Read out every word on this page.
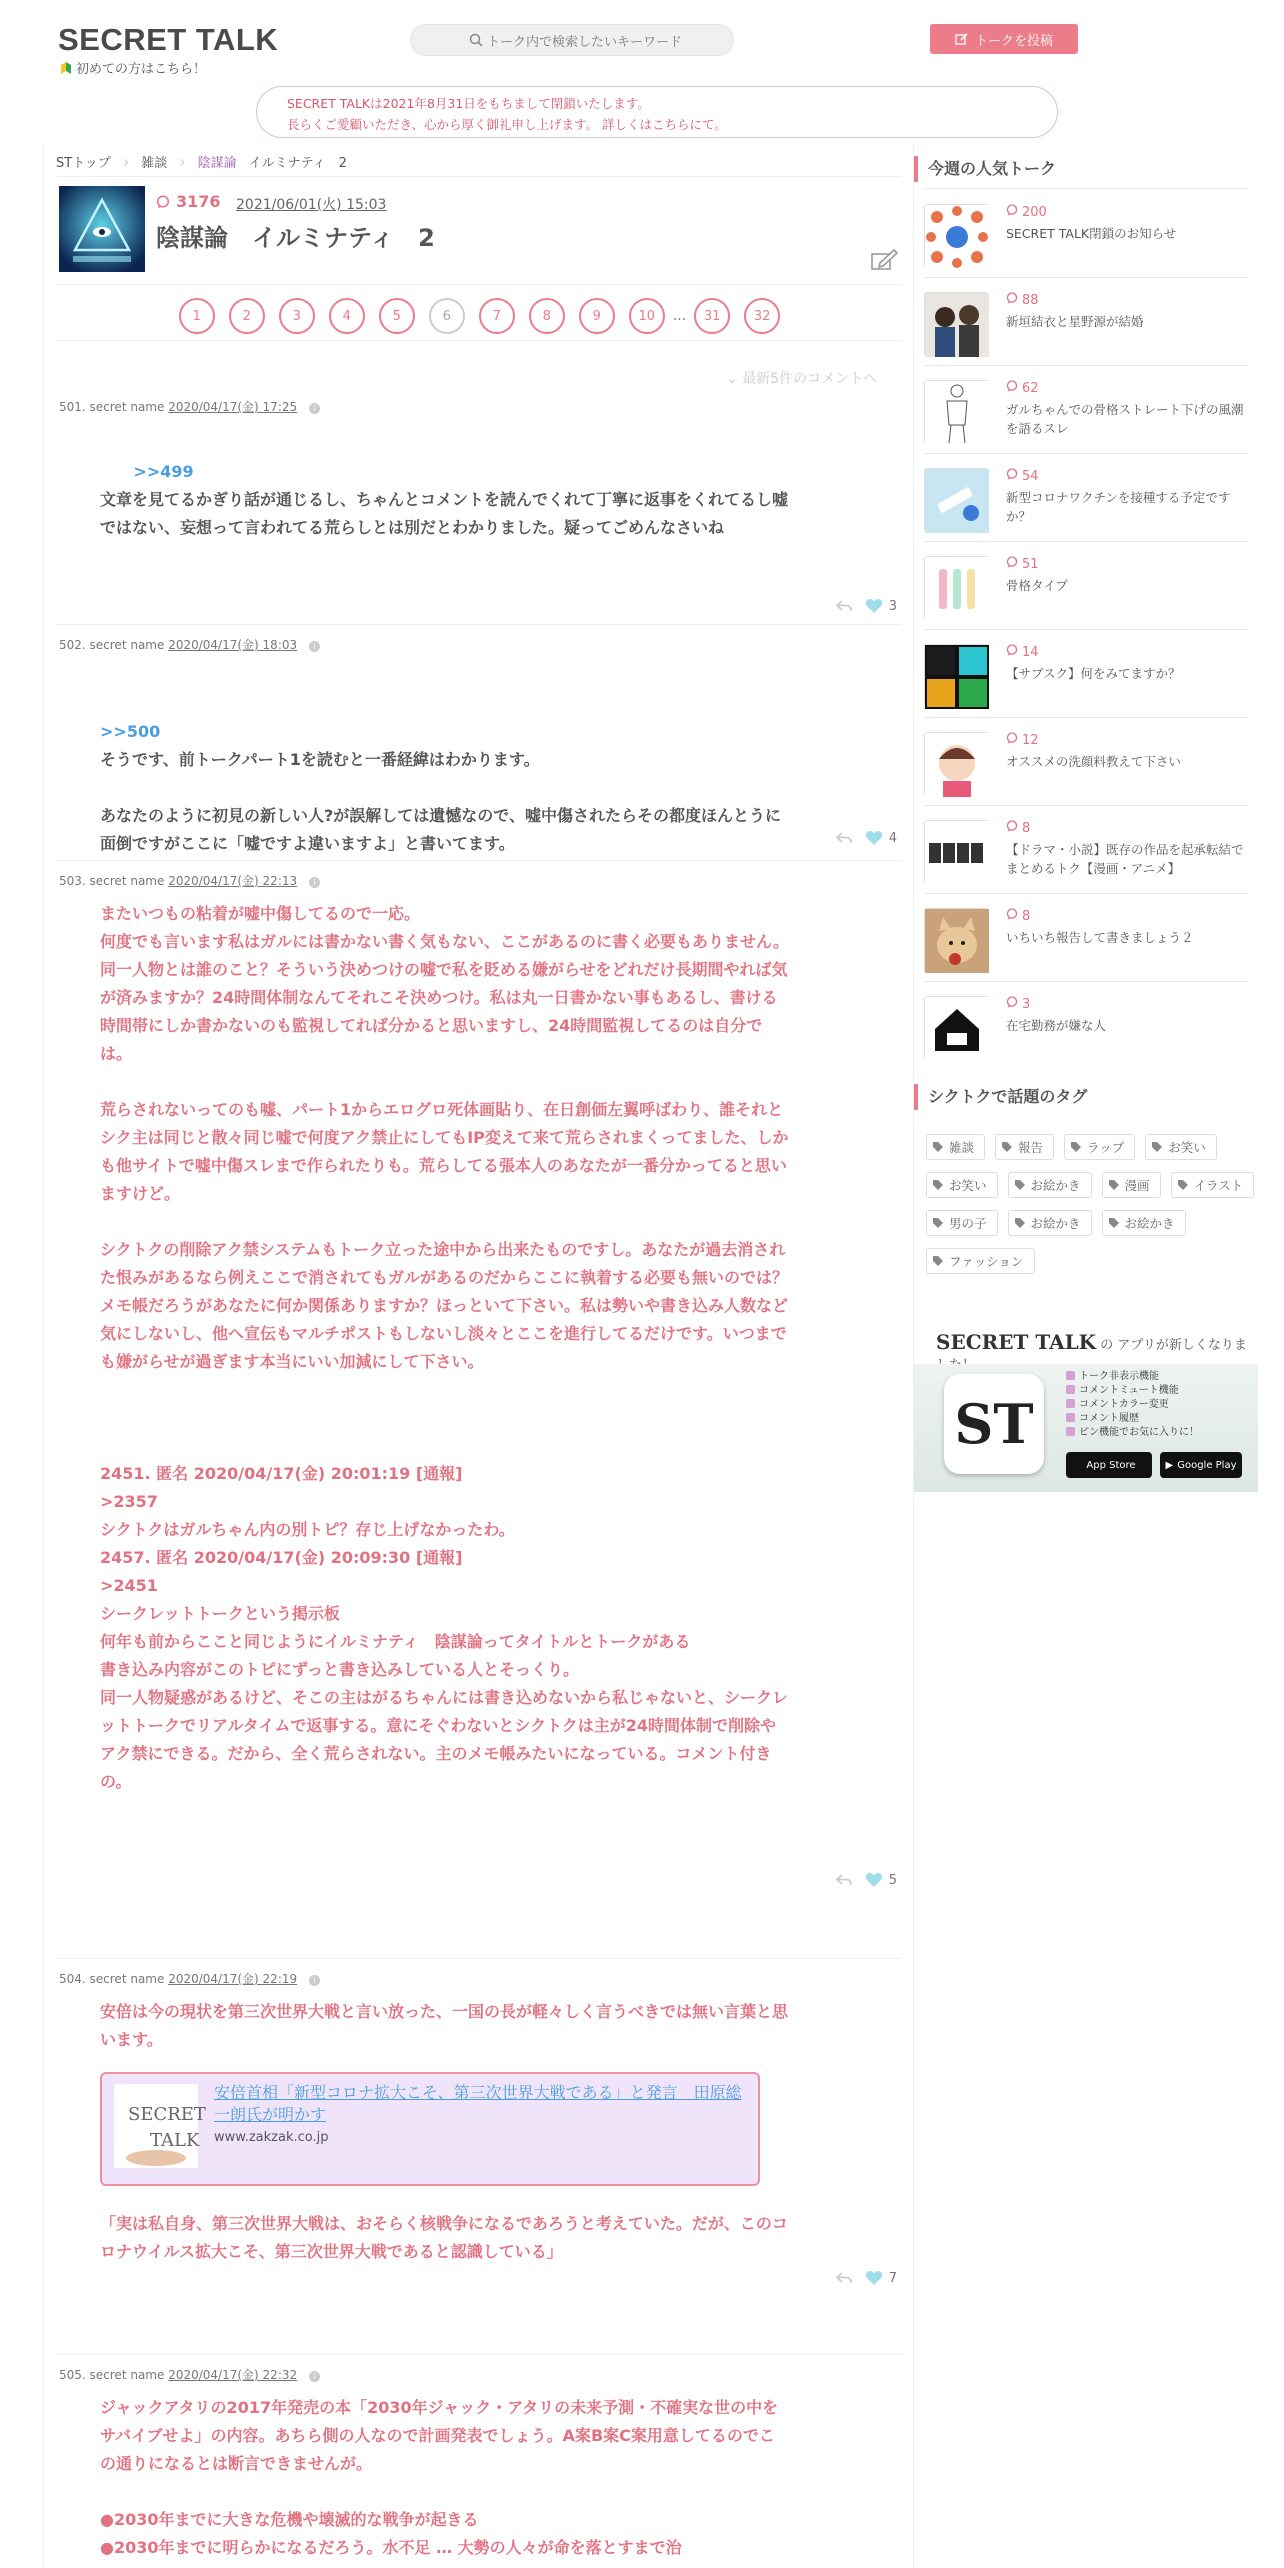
SECRET TALK
初めての方はこちら！
トーク内で検索したいキーワード	トークを投稿
SECRET TALKは2021年8月31日をもちまして閉鎖いたします。
長らくご愛顧いただき、心から厚く御礼申し上げます。 詳しくはこちらにて。
STトップ › 雑談 › 陰謀論 イルミナティ　2
3176 2021/06/01(火) 15:03
陰謀論　イルミナティ　2
1	2	3	4	5	6	7	8	9	10	...	31	32
⌄ 最新5件のコメントへ
501. secret name 2020/04/17(金) 17:25 i

>>499
文章を見てるかぎり話が通じるし、ちゃんとコメントを読んでくれて丁寧に返事をくれてるし嘘ではない、妄想って言われてる荒らしとは別だとわかりました。疑ってごめんなさいね

3
502. secret name 2020/04/17(金) 18:03 i

>>500
そうです、前トークパート1を読むと一番経緯はわかります。

あなたのように初見の新しい人?が誤解しては遺憾なので、嘘中傷されたらその都度ほんとうに面倒ですがここに「嘘ですよ違いますよ」と書いてます。
	4
503. secret name 2020/04/17(金) 22:13 i
またいつもの粘着が嘘中傷してるので一応。
何度でも言います私はガルには書かない書く気もない、ここがあるのに書く必要もありません。
同一人物とは誰のこと？そういう決めつけの嘘で私を貶める嫌がらせをどれだけ長期間やれば気が済みますか？24時間体制なんてそれこそ決めつけ。私は丸一日書かない事もあるし、書ける時間帯にしか書かないのも監視してれば分かると思いますし、24時間監視してるのは自分では。

荒らされないってのも嘘、パート1からエログロ死体画貼り、在日創価左翼呼ばわり、誰それとシク主は同じと散々同じ嘘で何度アク禁止にしてもIP変えて来て荒らされまくってました、しかも他サイトで嘘中傷スレまで作られたりも。荒らしてる張本人のあなたが一番分かってると思いますけど。

シクトクの削除アク禁システムもトーク立った途中から出来たものですし。あなたが過去消された恨みがあるなら例えここで消されてもガルがあるのだからここに執着する必要も無いのでは？
メモ帳だろうがあなたに何か関係ありますか？ほっといて下さい。私は勢いや書き込み人数など気にしないし、他へ宣伝もマルチポストもしないし淡々とここを進行してるだけです。いつまでも嫌がらせが過ぎます本当にいい加減にして下さい。

2451. 匿名 2020/04/17(金) 20:01:19 [通報]
>2357
シクトクはガルちゃん内の別トピ？存じ上げなかったわ。
2457. 匿名 2020/04/17(金) 20:09:30 [通報]
>2451
シークレットトークという掲示板
何年も前からここと同じようにイルミナティ　陰謀論ってタイトルとトークがある
書き込み内容がこのトピにずっと書き込みしている人とそっくり。
同一人物疑惑があるけど、そこの主はがるちゃんには書き込めないから私じゃないと、シークレットトークでリアルタイムで返事する。意にそぐわないとシクトクは主が24時間体制で削除やアク禁にできる。だから、全く荒らされない。主のメモ帳みたいになっている。コメント付きの。
5
504. secret name 2020/04/17(金) 22:19 i
安倍は今の現状を第三次世界大戦と言い放った、一国の長が軽々しく言うべきでは無い言葉と思います。
SECRET
TALK
安倍首相「新型コロナ拡大こそ、第三次世界大戦である」と発言　田原総一朗氏が明かす
www.zakzak.co.jp
「実は私自身、第三次世界大戦は、おそらく核戦争になるであろうと考えていた。だが、このコロナウイルス拡大こそ、第三次世界大戦であると認識している」
7
505. secret name 2020/04/17(金) 22:32 i
ジャックアタリの2017年発売の本「2030年ジャック・アタリの未来予測・不確実な世の中をサバイブせよ」の内容。あちら側の人なので計画発表でしょう。A案B案C案用意してるのでこの通りになるとは断言できませんが。

●2030年までに大きな危機や壊滅的な戦争が起きる
●2030年までに明らかになるだろう。水不足 … 大勢の人々が命を落とすまで治
今週の人気トーク
200
SECRET TALK閉鎖のお知らせ
88
新垣結衣と星野源が結婚
62
ガルちゃんでの骨格ストレート下げの風潮を語るスレ
54
新型コロナワクチンを接種する予定ですか？
51
骨格タイプ
14
【サブスク】何をみてますか？
12
オススメの洗顔料教えて下さい
8
【ドラマ・小説】既存の作品を起承転結でまとめるトク【漫画・アニメ】
8
いちいち報告して書きましょう２
3
在宅勤務が嫌な人
シクトクで話題のタグ
雑談	報告	ラップ	お笑い
お笑い	お絵かき	漫画	イラスト
男の子	お絵かき	お絵かき
ファッション
SECRET TALK の アプリが新しくなりま
ST
トーク非表示機能
コメントミュート機能
コメントカラー変更
コメント履歴
ピン機能でお気に入りに！
App Store	▶ Google Play
